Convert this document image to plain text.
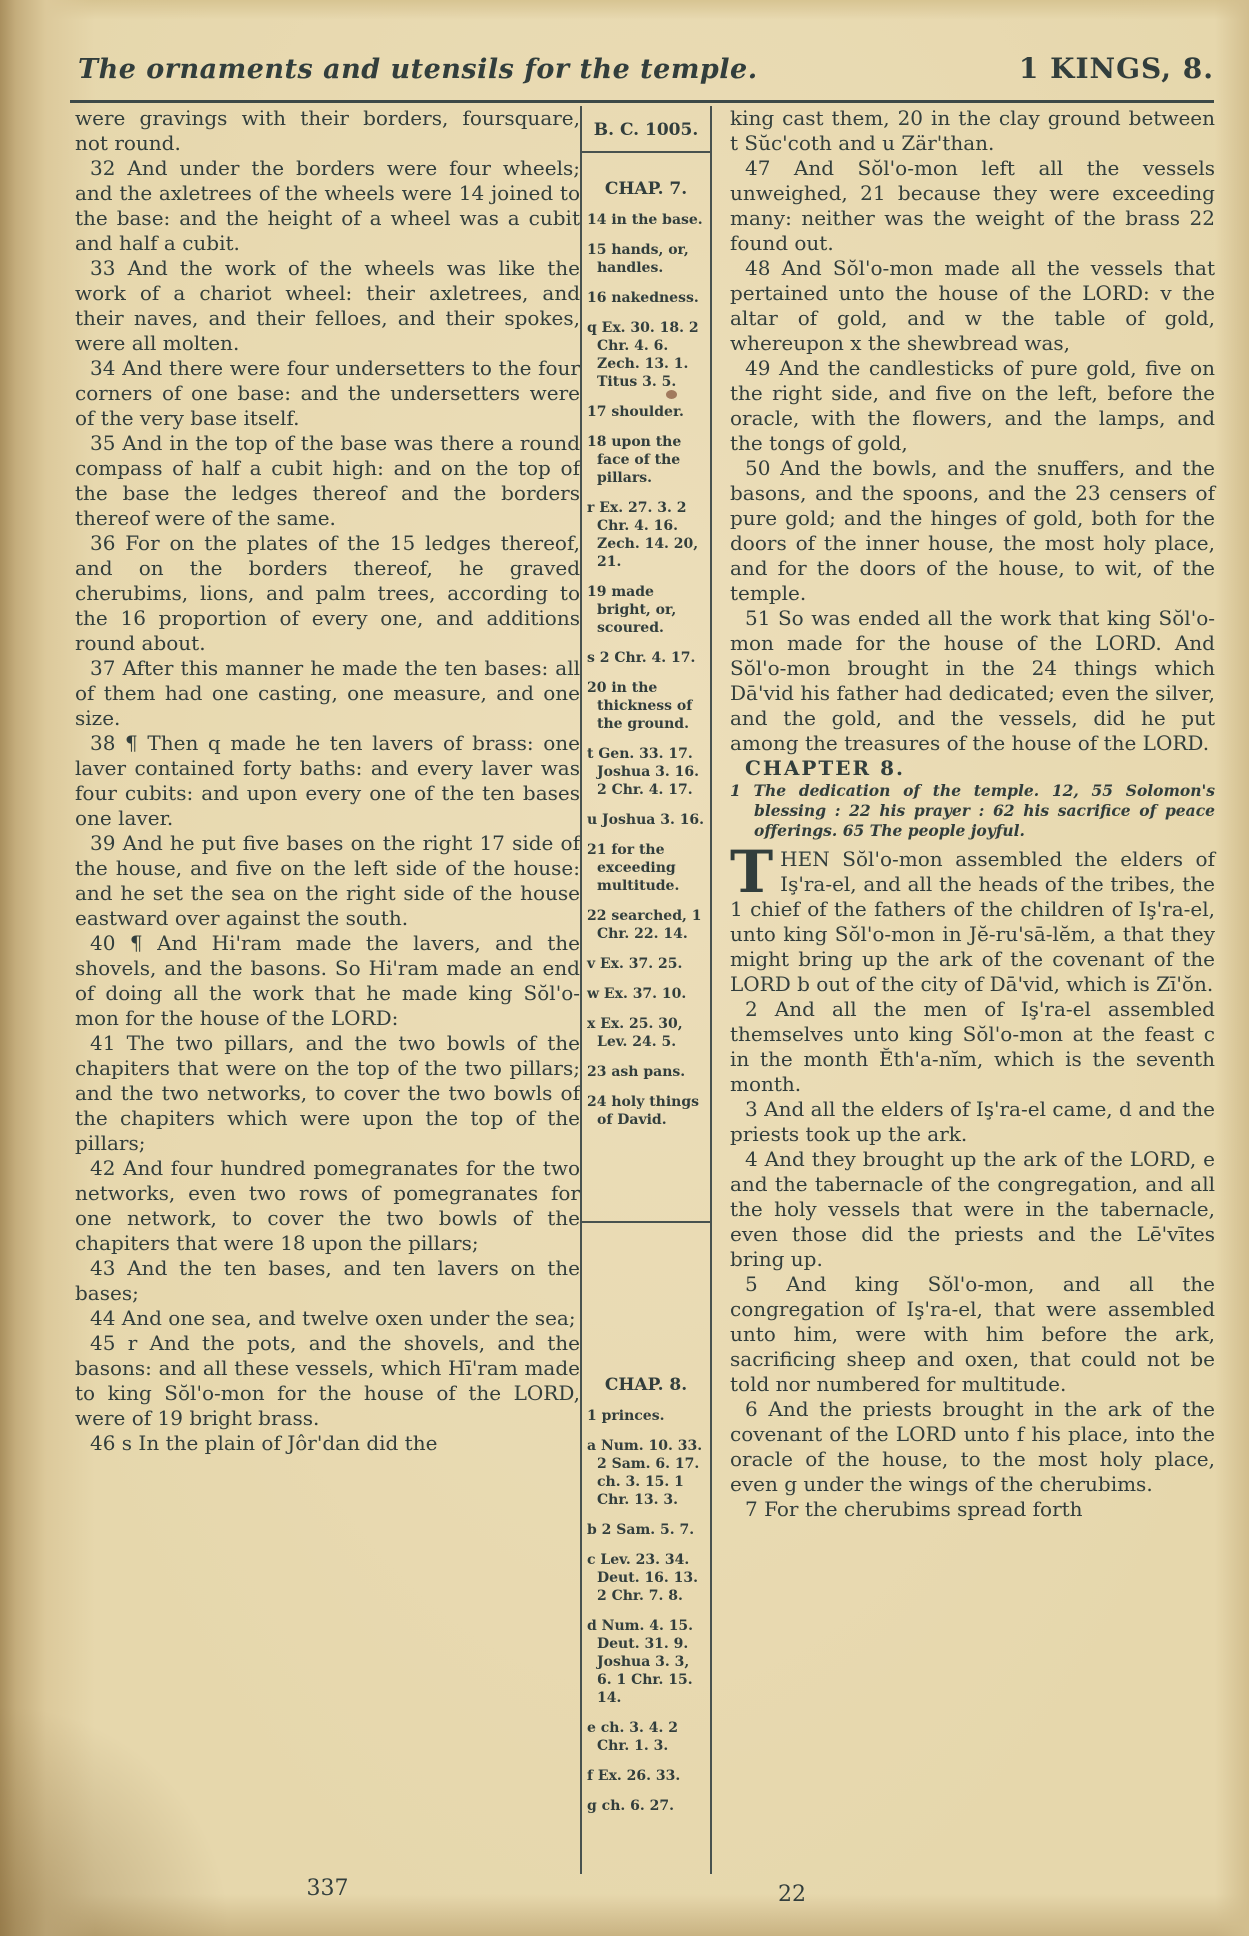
The ornaments and utensils for the temple.	1 KINGS, 8.

were gravings with their borders, foursquare, not round.

32 And under the borders were four wheels; and the axletrees of the wheels were 14 joined to the base: and the height of a wheel was a cubit and half a cubit.

33 And the work of the wheels was like the work of a chariot wheel: their axletrees, and their naves, and their felloes, and their spokes, were all molten.

34 And there were four undersetters to the four corners of one base: and the undersetters were of the very base itself.

35 And in the top of the base was there a round compass of half a cubit high: and on the top of the base the ledges thereof and the borders thereof were of the same.

36 For on the plates of the 15 ledges thereof, and on the borders thereof, he graved cherubims, lions, and palm trees, according to the 16 proportion of every one, and additions round about.

37 After this manner he made the ten bases: all of them had one casting, one measure, and one size.

38 ¶ Then q made he ten lavers of brass: one laver contained forty baths: and every laver was four cubits: and upon every one of the ten bases one laver.

39 And he put five bases on the right 17 side of the house, and five on the left side of the house: and he set the sea on the right side of the house eastward over against the south.

40 ¶ And Hi'ram made the lavers, and the shovels, and the basons. So Hi'ram made an end of doing all the work that he made king Sŏl'o-mon for the house of the LORD:

41 The two pillars, and the two bowls of the chapiters that were on the top of the two pillars; and the two networks, to cover the two bowls of the chapiters which were upon the top of the pillars;

42 And four hundred pomegranates for the two networks, even two rows of pomegranates for one network, to cover the two bowls of the chapiters that were 18 upon the pillars;

43 And the ten bases, and ten lavers on the bases;

44 And one sea, and twelve oxen under the sea;

45 r And the pots, and the shovels, and the basons: and all these vessels, which Hī'ram made to king Sŏl'o-mon for the house of the LORD, were of 19 bright brass.

46 s In the plain of Jôr'dan did the

B. C. 1005.
CHAP. 7.

14 in the base.

15 hands, or, handles.

16 nakedness.

q Ex. 30. 18. 2 Chr. 4. 6. Zech. 13. 1. Titus 3. 5.

17 shoulder.

18 upon the face of the pillars.

r Ex. 27. 3. 2 Chr. 4. 16. Zech. 14. 20, 21.

19 made bright, or, scoured.

s 2 Chr. 4. 17.

20 in the thickness of the ground.

t Gen. 33. 17. Joshua 3. 16. 2 Chr. 4. 17.

u Joshua 3. 16.

21 for the exceeding multitude.

22 searched, 1 Chr. 22. 14.

v Ex. 37. 25.

w Ex. 37. 10.

x Ex. 25. 30, Lev. 24. 5.

23 ash pans.

24 holy things of David.

CHAP. 8.

1 princes.

a Num. 10. 33. 2 Sam. 6. 17. ch. 3. 15. 1 Chr. 13. 3.

b 2 Sam. 5. 7.

c Lev. 23. 34. Deut. 16. 13. 2 Chr. 7. 8.

d Num. 4. 15. Deut. 31. 9. Joshua 3. 3, 6. 1 Chr. 15. 14.

e ch. 3. 4. 2 Chr. 1. 3.

f Ex. 26. 33.

g ch. 6. 27.

king cast them, 20 in the clay ground between t Sŭc'coth and u Zär'than.

47 And Sŏl'o-mon left all the vessels unweighed, 21 because they were exceeding many: neither was the weight of the brass 22 found out.

48 And Sŏl'o-mon made all the vessels that pertained unto the house of the LORD: v the altar of gold, and w the table of gold, whereupon x the shewbread was,

49 And the candlesticks of pure gold, five on the right side, and five on the left, before the oracle, with the flowers, and the lamps, and the tongs of gold,

50 And the bowls, and the snuffers, and the basons, and the spoons, and the 23 censers of pure gold; and the hinges of gold, both for the doors of the inner house, the most holy place, and for the doors of the house, to wit, of the temple.

51 So was ended all the work that king Sŏl'o-mon made for the house of the LORD. And Sŏl'o-mon brought in the 24 things which Dā'vid his father had dedicated; even the silver, and the gold, and the vessels, did he put among the treasures of the house of the LORD.

CHAPTER 8.

1 The dedication of the temple. 12, 55 Solomon's blessing : 22 his prayer : 62 his sacrifice of peace offerings. 65 The people joyful.

THEN Sŏl'o-mon assembled the elders of Iş'ra-el, and all the heads of the tribes, the 1 chief of the fathers of the children of Iş'ra-el, unto king Sŏl'o-mon in Jĕ-ru'sā-lĕm, a that they might bring up the ark of the covenant of the LORD b out of the city of Dā'vid, which is Zī'ŏn.

2 And all the men of Iş'ra-el assembled themselves unto king Sŏl'o-mon at the feast c in the month Ĕth'a-nĭm, which is the seventh month.

3 And all the elders of Iş'ra-el came, d and the priests took up the ark.

4 And they brought up the ark of the LORD, e and the tabernacle of the congregation, and all the holy vessels that were in the tabernacle, even those did the priests and the Lē'vītes bring up.

5 And king Sŏl'o-mon, and all the congregation of Iş'ra-el, that were assembled unto him, were with him before the ark, sacrificing sheep and oxen, that could not be told nor numbered for multitude.

6 And the priests brought in the ark of the covenant of the LORD unto f his place, into the oracle of the house, to the most holy place, even g under the wings of the cherubims.

7 For the cherubims spread forth

337	22
